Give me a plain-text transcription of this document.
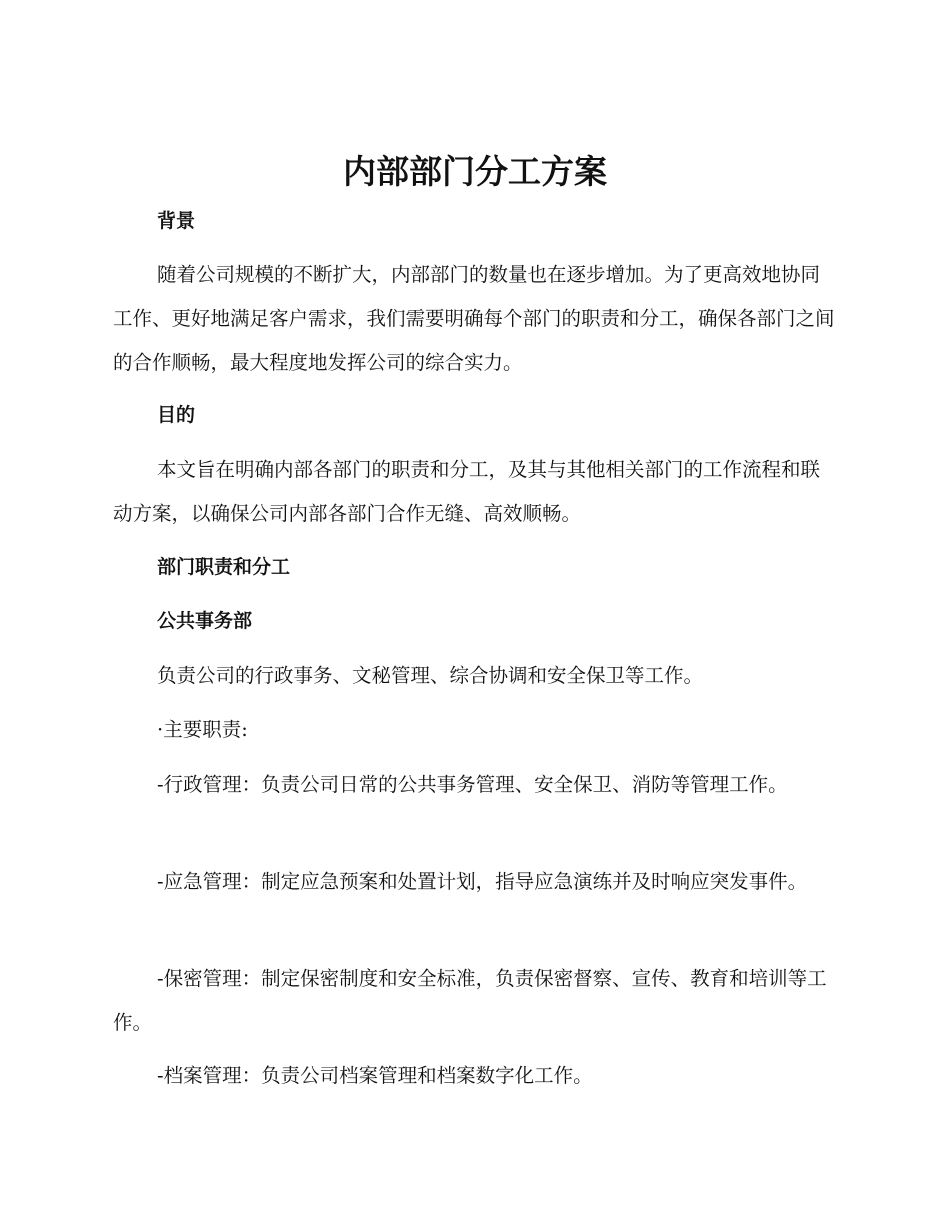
内部部门分工方案
背景

随着公司规模的不断扩大，内部部门的数量也在逐步增加。为了更高效地协同工作、更好地满足客户需求，我们需要明确每个部门的职责和分工，确保各部门之间的合作顺畅，最大程度地发挥公司的综合实力。

目的

本文旨在明确内部各部门的职责和分工，及其与其他相关部门的工作流程和联动方案，以确保公司内部各部门合作无缝、高效顺畅。

部门职责和分工
公共事务部

负责公司的行政事务、文秘管理、综合协调和安全保卫等工作。

·主要职责:

-行政管理：负责公司日常的公共事务管理、安全保卫、消防等管理工作。

-应急管理：制定应急预案和处置计划，指导应急演练并及时响应突发事件。

-保密管理：制定保密制度和安全标准，负责保密督察、宣传、教育和培训等工作。

-档案管理：负责公司档案管理和档案数字化工作。
